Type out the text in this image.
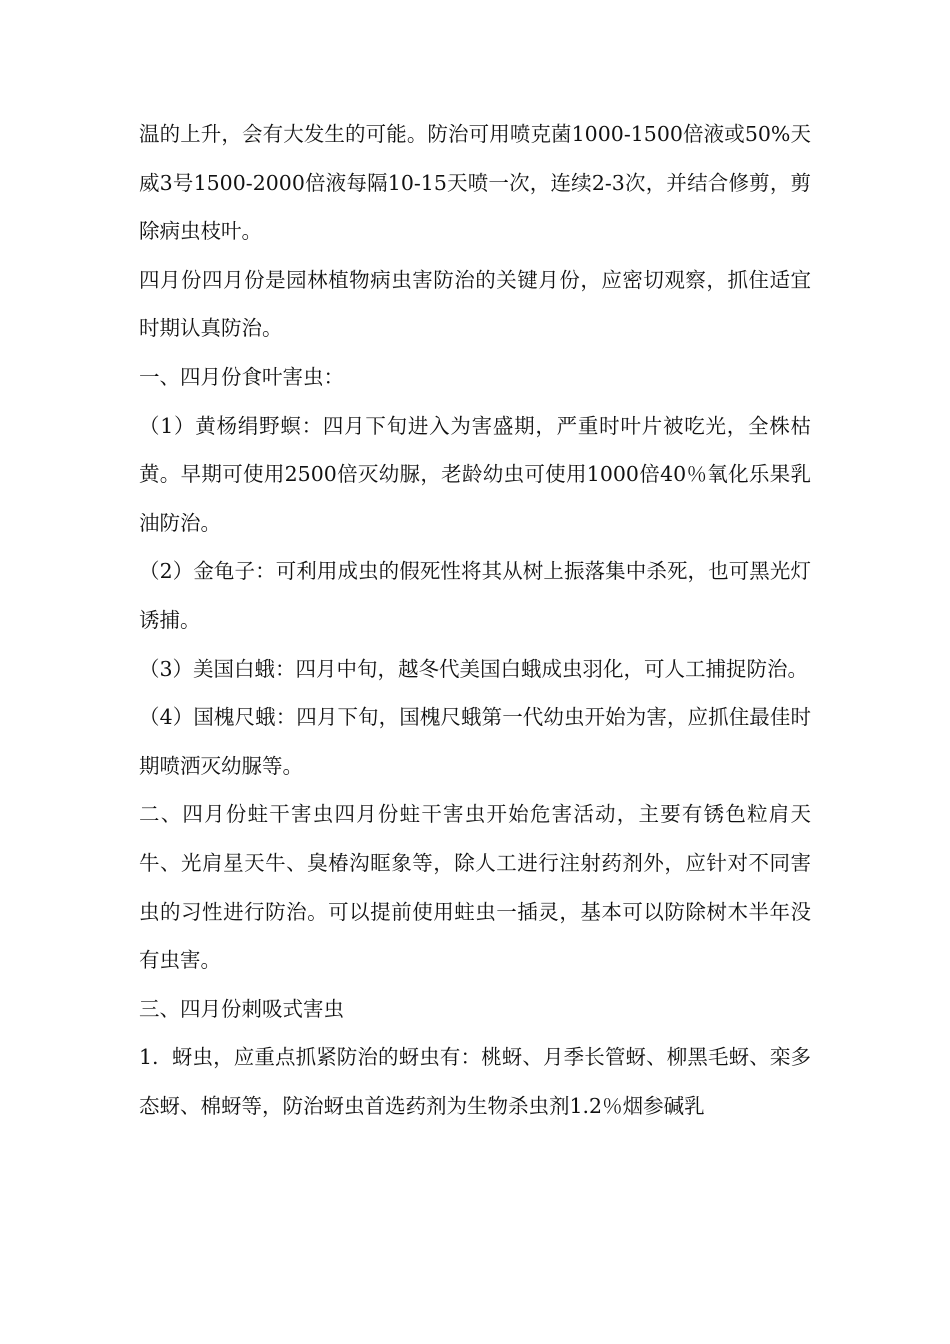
温的上升，会有大发生的可能。防治可用喷克菌1000-1500倍液或50%天威3号1500-2000倍液每隔10-15天喷一次，连续2-3次，并结合修剪，剪除病虫枝叶。

四月份四月份是园林植物病虫害防治的关键月份，应密切观察，抓住适宜时期认真防治。

一、四月份食叶害虫：

（1）黄杨绢野螟：四月下旬进入为害盛期，严重时叶片被吃光，全株枯黄。早期可使用2500倍灭幼脲，老龄幼虫可使用1000倍40％氧化乐果乳油防治。

（2）金龟子：可利用成虫的假死性将其从树上振落集中杀死，也可黑光灯诱捕。

（3）美国白蛾：四月中旬，越冬代美国白蛾成虫羽化，可人工捕捉防治。

（4）国槐尺蛾：四月下旬，国槐尺蛾第一代幼虫开始为害，应抓住最佳时期喷洒灭幼脲等。

二、四月份蛀干害虫四月份蛀干害虫开始危害活动，主要有锈色粒肩天牛、光肩星天牛、臭椿沟眶象等，除人工进行注射药剂外，应针对不同害虫的习性进行防治。可以提前使用蛀虫一插灵，基本可以防除树木半年没有虫害。

三、四月份刺吸式害虫

1.  蚜虫，应重点抓紧防治的蚜虫有：桃蚜、月季长管蚜、柳黑毛蚜、栾多态蚜、棉蚜等，防治蚜虫首选药剂为生物杀虫剂1.2％烟参碱乳
